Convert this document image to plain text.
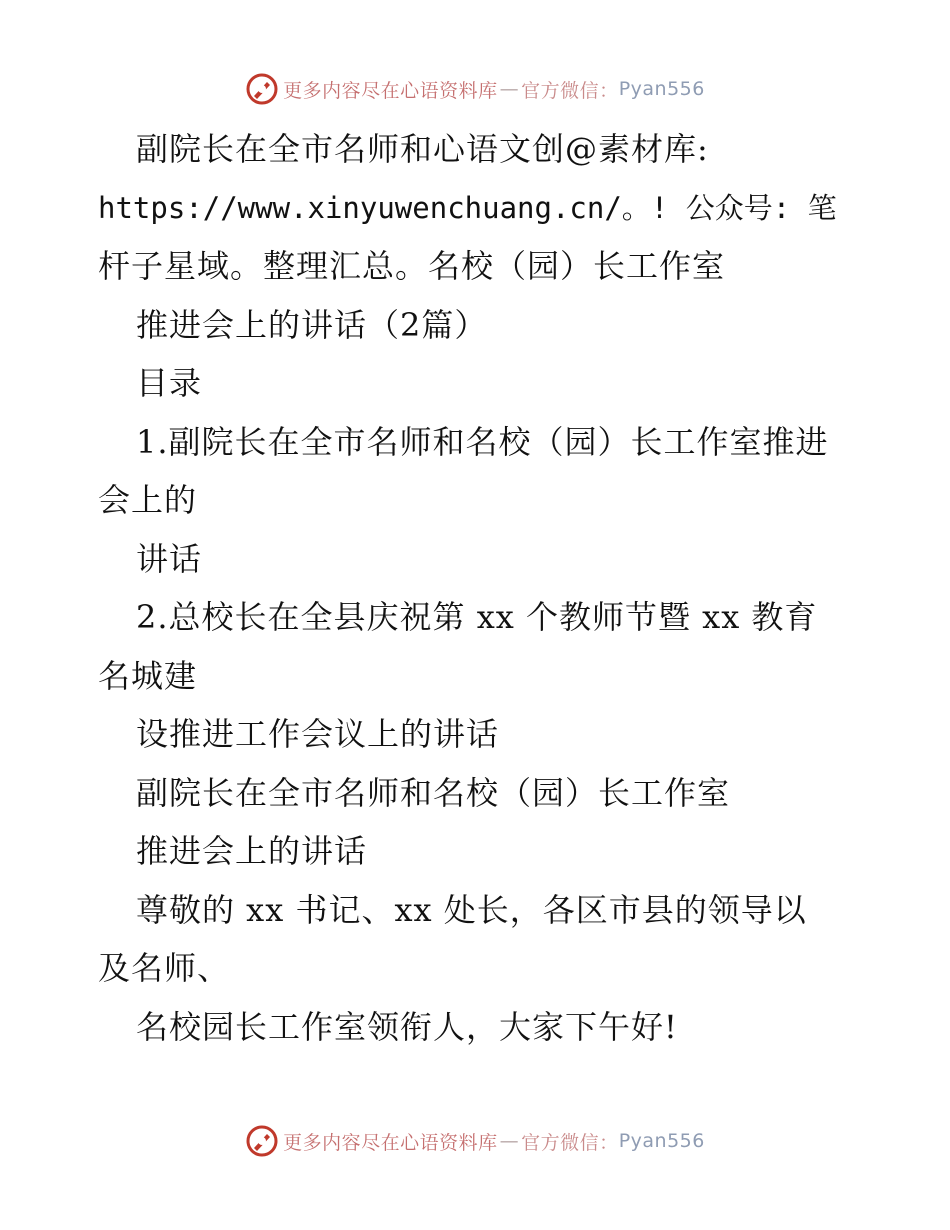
更多内容尽在心语资料库 — 官方微信： Pyan556
副院长在全市名师和心语文创@素材库:
https://www.xinyuwenchuang.cn/。! 公众号: 笔
杆子星域。整理汇总。名校（园）长工作室
推进会上的讲话（2篇）
目录
1.副院长在全市名师和名校（园）长工作室推进
会上的
讲话
2.总校长在全县庆祝第 xx 个教师节暨 xx 教育
名城建
设推进工作会议上的讲话
副院长在全市名师和名校（园）长工作室
推进会上的讲话
尊敬的 xx 书记、xx 处长，各区市县的领导以
及名师、
名校园长工作室领衔人，大家下午好!
更多内容尽在心语资料库 — 官方微信： Pyan556
